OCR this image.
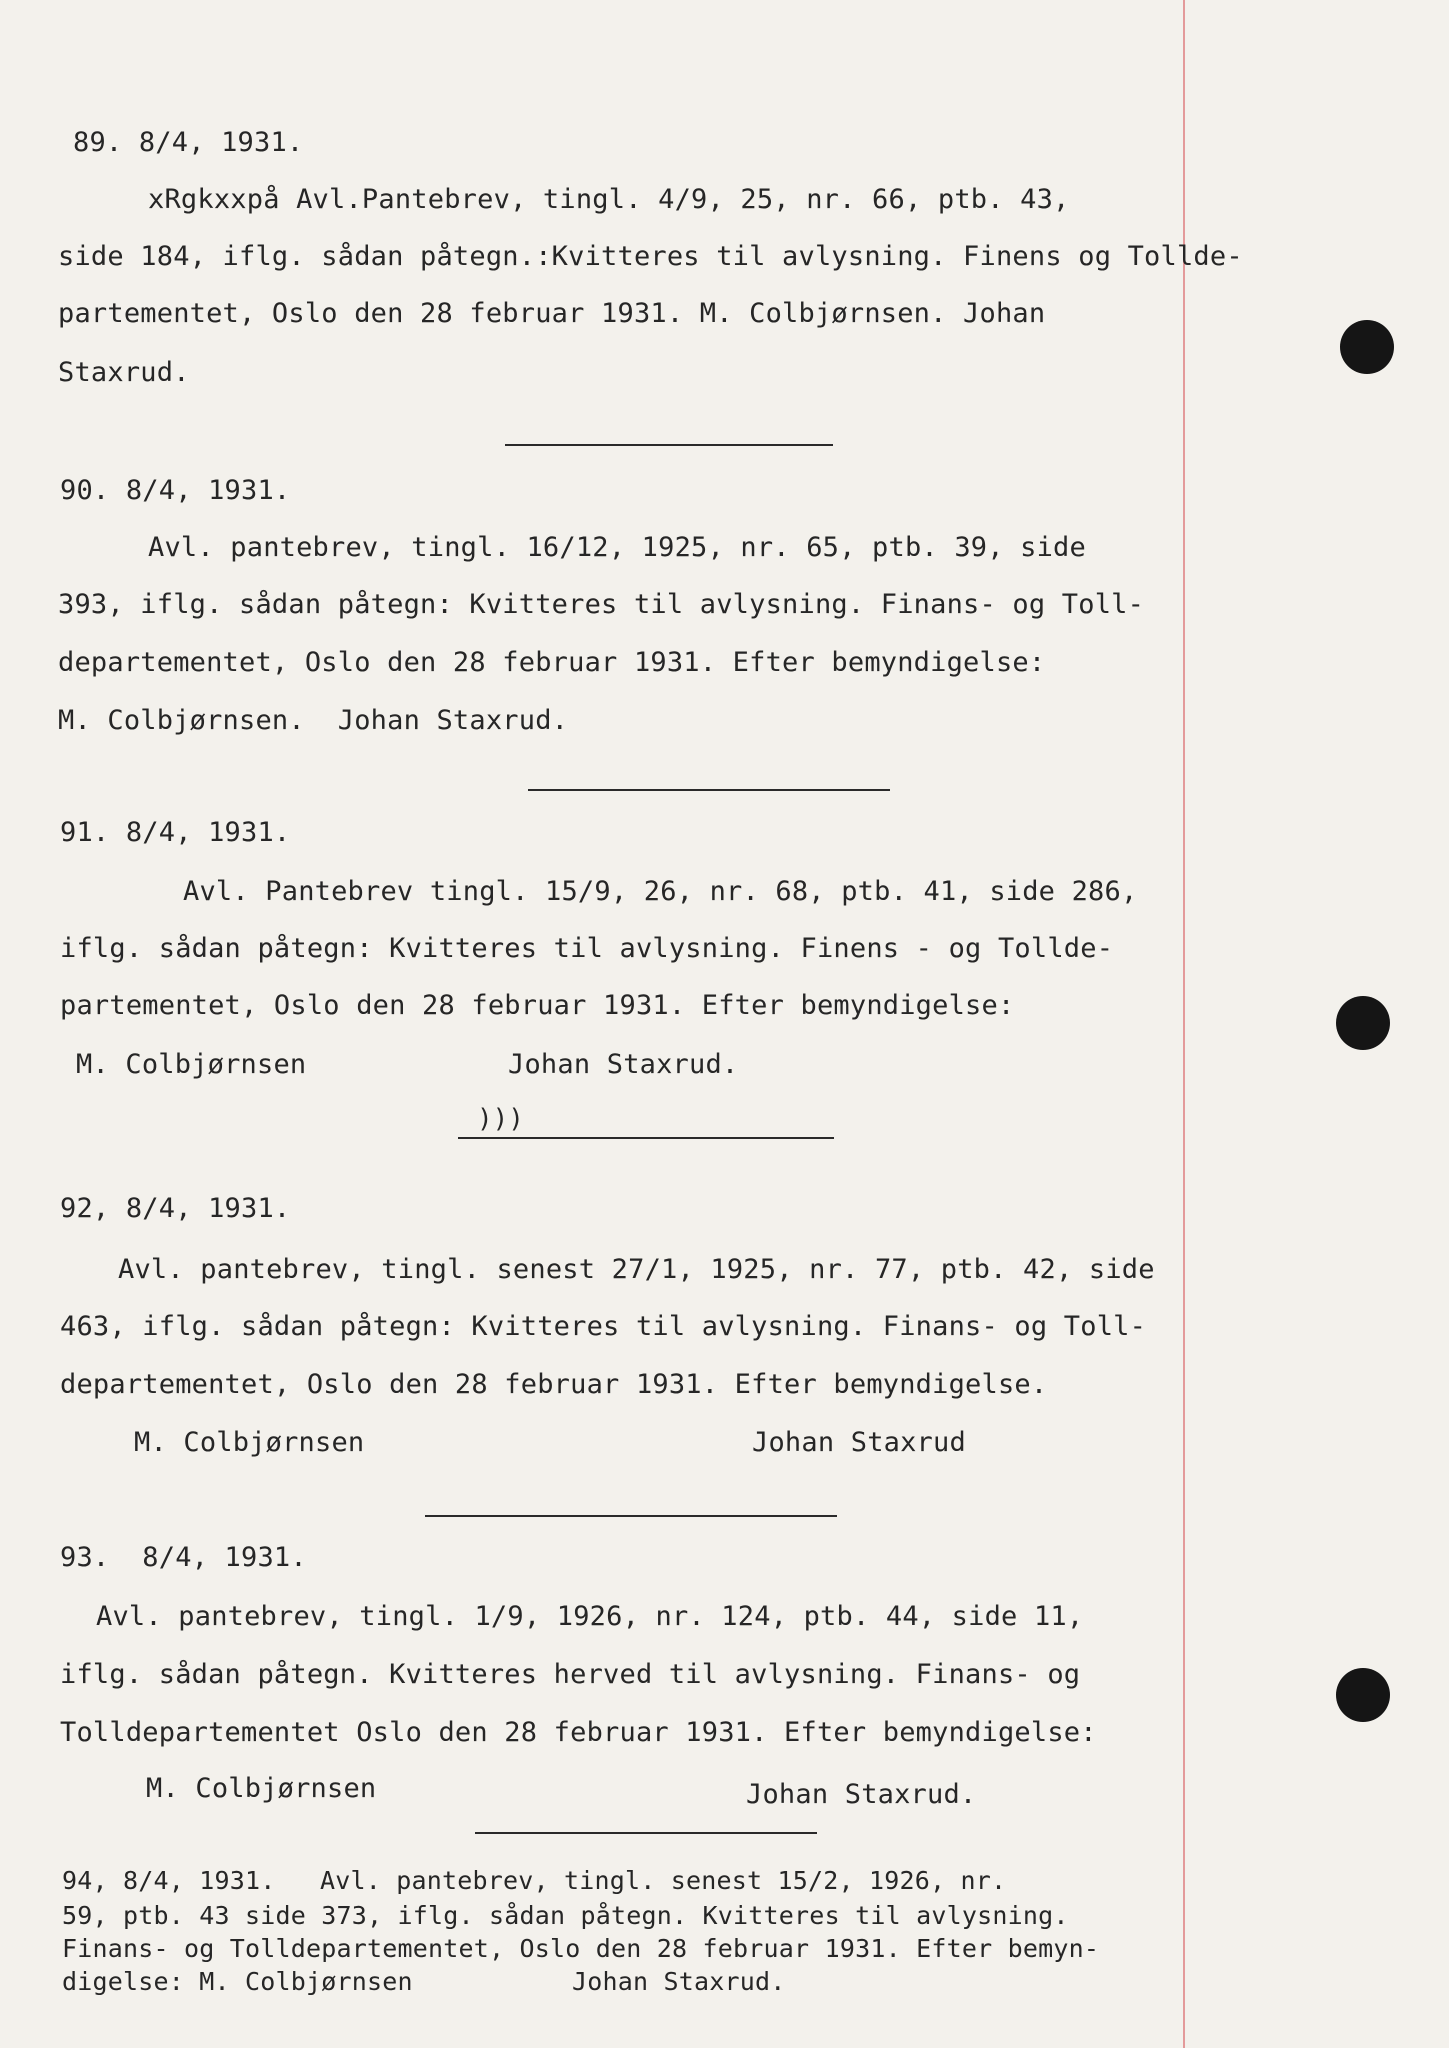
89. 8/4, 1931.
xRgkxxpå Avl.Pantebrev, tingl. 4/9, 25, nr. 66, ptb. 43,
side 184, iflg. sådan påtegn.:Kvitteres til avlysning. Finens og Tollde-
partementet, Oslo den 28 februar 1931. M. Colbjørnsen. Johan
Staxrud.
90. 8/4, 1931.
Avl. pantebrev, tingl. 16/12, 1925, nr. 65, ptb. 39, side
393, iflg. sådan påtegn: Kvitteres til avlysning. Finans- og Toll-
departementet, Oslo den 28 februar 1931. Efter bemyndigelse:
M. Colbjørnsen.  Johan Staxrud.
91. 8/4, 1931.
Avl. Pantebrev tingl. 15/9, 26, nr. 68, ptb. 41, side 286,
iflg. sådan påtegn: Kvitteres til avlysning. Finens - og Tollde-
partementet, Oslo den 28 februar 1931. Efter bemyndigelse:
M. Colbjørnsen	Johan Staxrud.
)))
92, 8/4, 1931.
Avl. pantebrev, tingl. senest 27/1, 1925, nr. 77, ptb. 42, side
463, iflg. sådan påtegn: Kvitteres til avlysning. Finans- og Toll-
departementet, Oslo den 28 februar 1931. Efter bemyndigelse.
M. Colbjørnsen	Johan Staxrud
93.  8/4, 1931.
Avl. pantebrev, tingl. 1/9, 1926, nr. 124, ptb. 44, side 11,
iflg. sådan påtegn. Kvitteres herved til avlysning. Finans- og
Tolldepartementet Oslo den 28 februar 1931. Efter bemyndigelse:
M. Colbjørnsen	Johan Staxrud.
94, 8/4, 1931. Avl. pantebrev, tingl. senest 15/2, 1926, nr.
59, ptb. 43 side 373, iflg. sådan påtegn. Kvitteres til avlysning.
Finans- og Tolldepartementet, Oslo den 28 februar 1931. Efter bemyn-
digelse: M. Colbjørnsen	Johan Staxrud.
